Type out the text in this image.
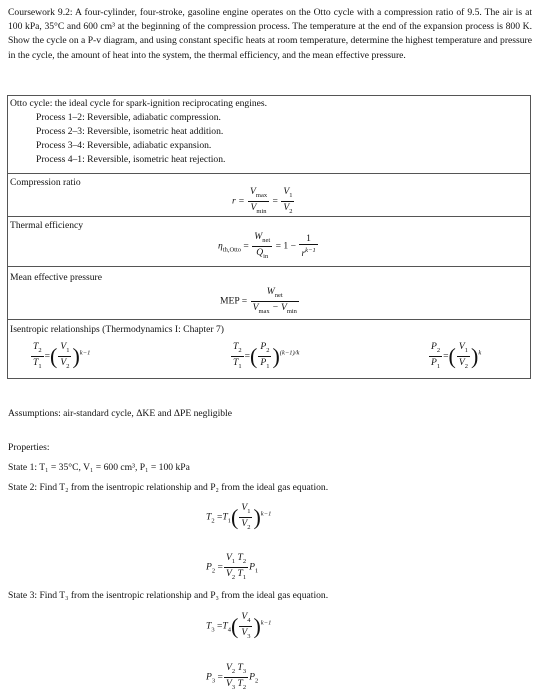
Coursework 9.2: A four-cylinder, four-stroke, gasoline engine operates on the Otto cycle with a compression ratio of 9.5. The air is at 100 kPa, 35°C and 600 cm³ at the beginning of the compression process. The temperature at the end of the expansion process is 800 K. Show the cycle on a P-v diagram, and using constant specific heats at room temperature, determine the highest temperature and pressure in the cycle, the amount of heat into the system, the thermal efficiency, and the mean effective pressure.
Otto cycle: the ideal cycle for spark-ignition reciprocating engines.
Process 1–2: Reversible, adiabatic compression.
Process 2–3: Reversible, isometric heat addition.
Process 3–4: Reversible, adiabatic expansion.
Process 4–1: Reversible, isometric heat rejection.
Compression ratio
$r = \frac{V_{max}}{V_{min}} = \frac{V_1}{V_2}$
Thermal efficiency
$\eta_{th,Otto} = \frac{W_{net}}{Q_{in}} = 1 - \frac{1}{r^{k-1}}$
Mean effective pressure
MEP = $\frac{W_{net}}{V_{max} - V_{min}}$
Isentropic relationships (Thermodynamics I: Chapter 7)
$\frac{T_2}{T_1}$ =( $\frac{V_1}{V_2} )^{k-1}$	$\frac{T_2}{T_1}$ =( $\frac{P_2}{P_1} )^{(k-1)/k}$	$\frac{P_2}{P_1}$ =( $\frac{V_1}{V_2} )^k$
Assumptions: air-standard cycle, ΔKE and ΔPE negligible
Properties:
State 1: T₁ = 35°C, V₁ = 600 cm³, P₁ = 100 kPa
State 2: Find T₂ from the isentropic relationship and P₂ from the ideal gas equation.
$T_2 =T_1( \frac{V_1}{V_2} )^{k-1}$
$P_2 = \frac{V_1 T_2}{V_2 T_1} P_1$
State 3: Find T₃ from the isentropic relationship and P₃ from the ideal gas equation.
$T_3 =T_4( \frac{V_4}{V_3} )^{k-1}$
$P_3 = \frac{V_2 T_3}{V_3 T_2} P_2$
